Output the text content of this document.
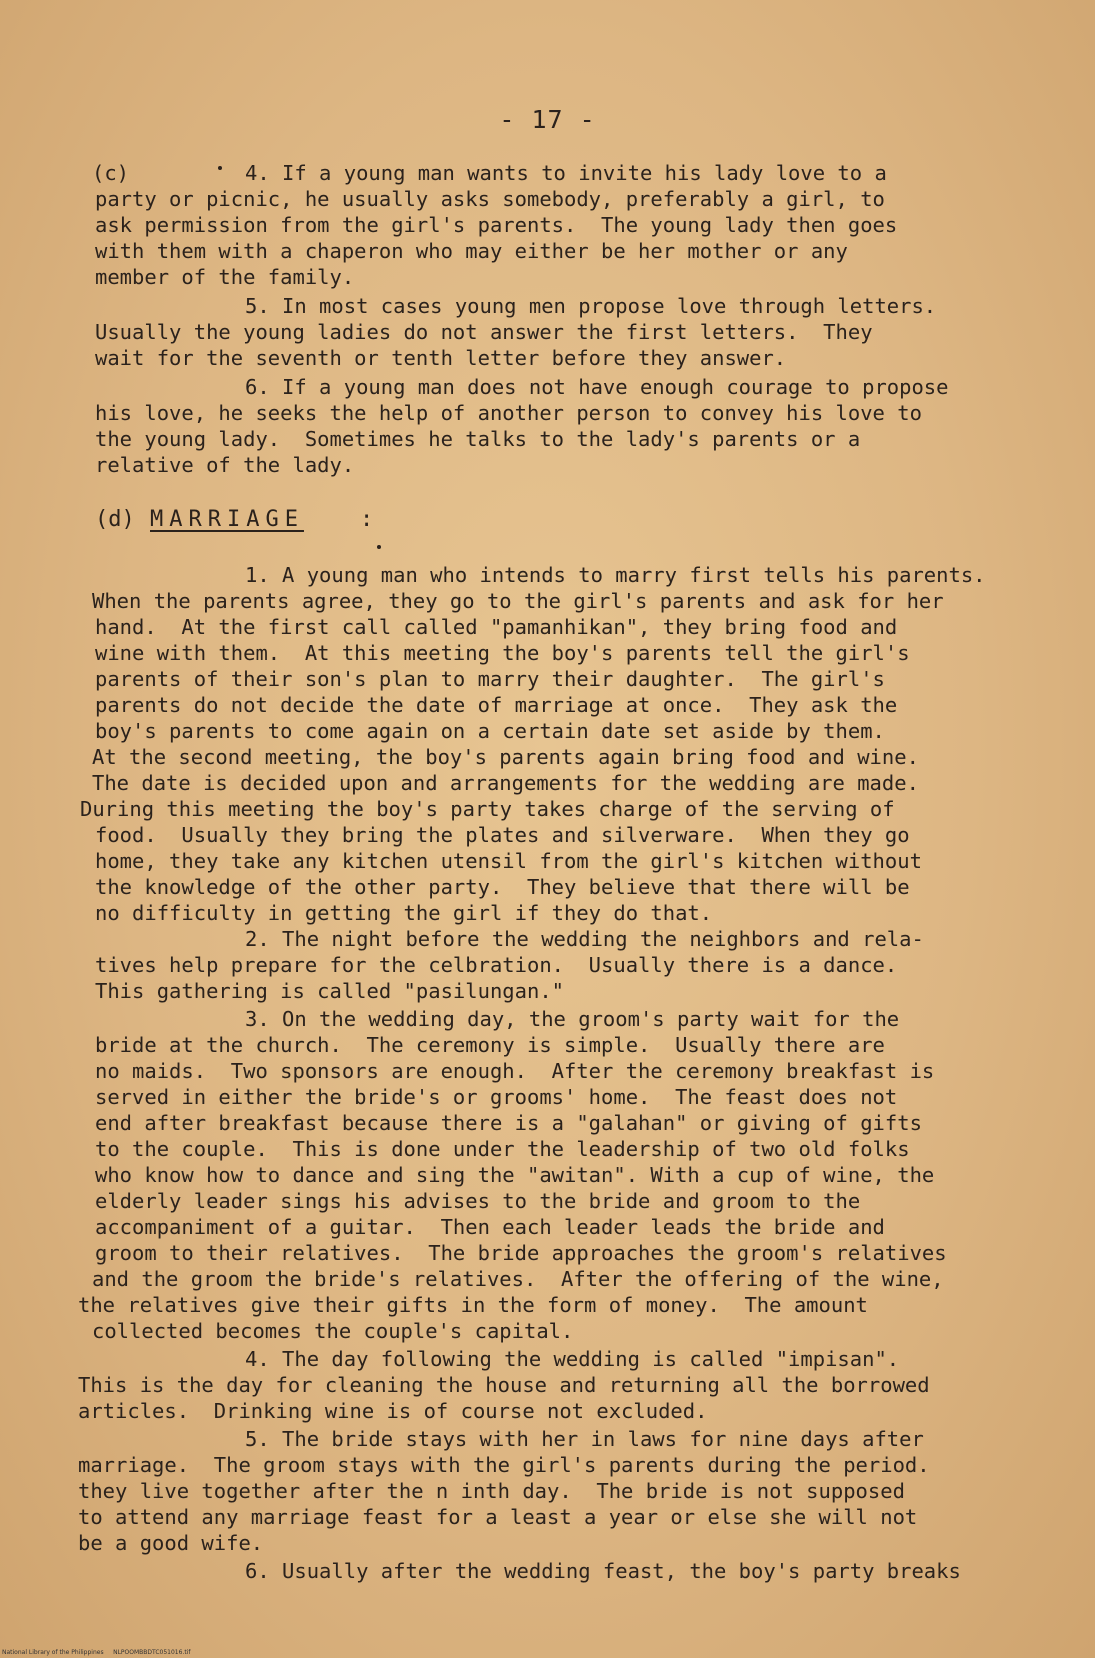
- 17 -
(c)	4. If a young man wants to invite his lady love to a
party or picnic, he usually asks somebody, preferably a girl, to
ask permission from the girl's parents.  The young lady then goes
with them with a chaperon who may either be her mother or any
member of the family.
5. In most cases young men propose love through letters.
Usually the young ladies do not answer the first letters.  They
wait for the seventh or tenth letter before they answer.
6. If a young man does not have enough courage to propose
his love, he seeks the help of another person to convey his love to
the young lady.  Sometimes he talks to the lady's parents or a
relative of the lady.
(d) MARRIAGE	:
1. A young man who intends to marry first tells his parents.
When the parents agree, they go to the girl's parents and ask for her
hand.  At the first call called "pamanhikan", they bring food and
wine with them.  At this meeting the boy's parents tell the girl's
parents of their son's plan to marry their daughter.  The girl's
parents do not decide the date of marriage at once.  They ask the
boy's parents to come again on a certain date set aside by them.
At the second meeting, the boy's parents again bring food and wine.
The date is decided upon and arrangements for the wedding are made.
During this meeting the boy's party takes charge of the serving of
food.  Usually they bring the plates and silverware.  When they go
home, they take any kitchen utensil from the girl's kitchen without
the knowledge of the other party.  They believe that there will be
no difficulty in getting the girl if they do that.
2. The night before the wedding the neighbors and rela-
tives help prepare for the celbration.  Usually there is a dance.
This gathering is called "pasilungan."
3. On the wedding day, the groom's party wait for the
bride at the church.  The ceremony is simple.  Usually there are
no maids.  Two sponsors are enough.  After the ceremony breakfast is
served in either the bride's or grooms' home.  The feast does not
end after breakfast because there is a "galahan" or giving of gifts
to the couple.  This is done under the leadership of two old folks
who know how to dance and sing the "awitan". With a cup of wine, the
elderly leader sings his advises to the bride and groom to the
accompaniment of a guitar.  Then each leader leads the bride and
groom to their relatives.  The bride approaches the groom's relatives
and the groom the bride's relatives.  After the offering of the wine,
the relatives give their gifts in the form of money.  The amount
collected becomes the couple's capital.
4. The day following the wedding is called "impisan".
This is the day for cleaning the house and returning all the borrowed
articles.  Drinking wine is of course not excluded.
5. The bride stays with her in laws for nine days after
marriage.  The groom stays with the girl's parents during the period.
they live together after the n inth day.  The bride is not supposed
to attend any marriage feast for a least a year or else she will not
be a good wife.
6. Usually after the wedding feast, the boy's party breaks
National Library of the Philippines     NLPOOMBBDTC051016.tif
